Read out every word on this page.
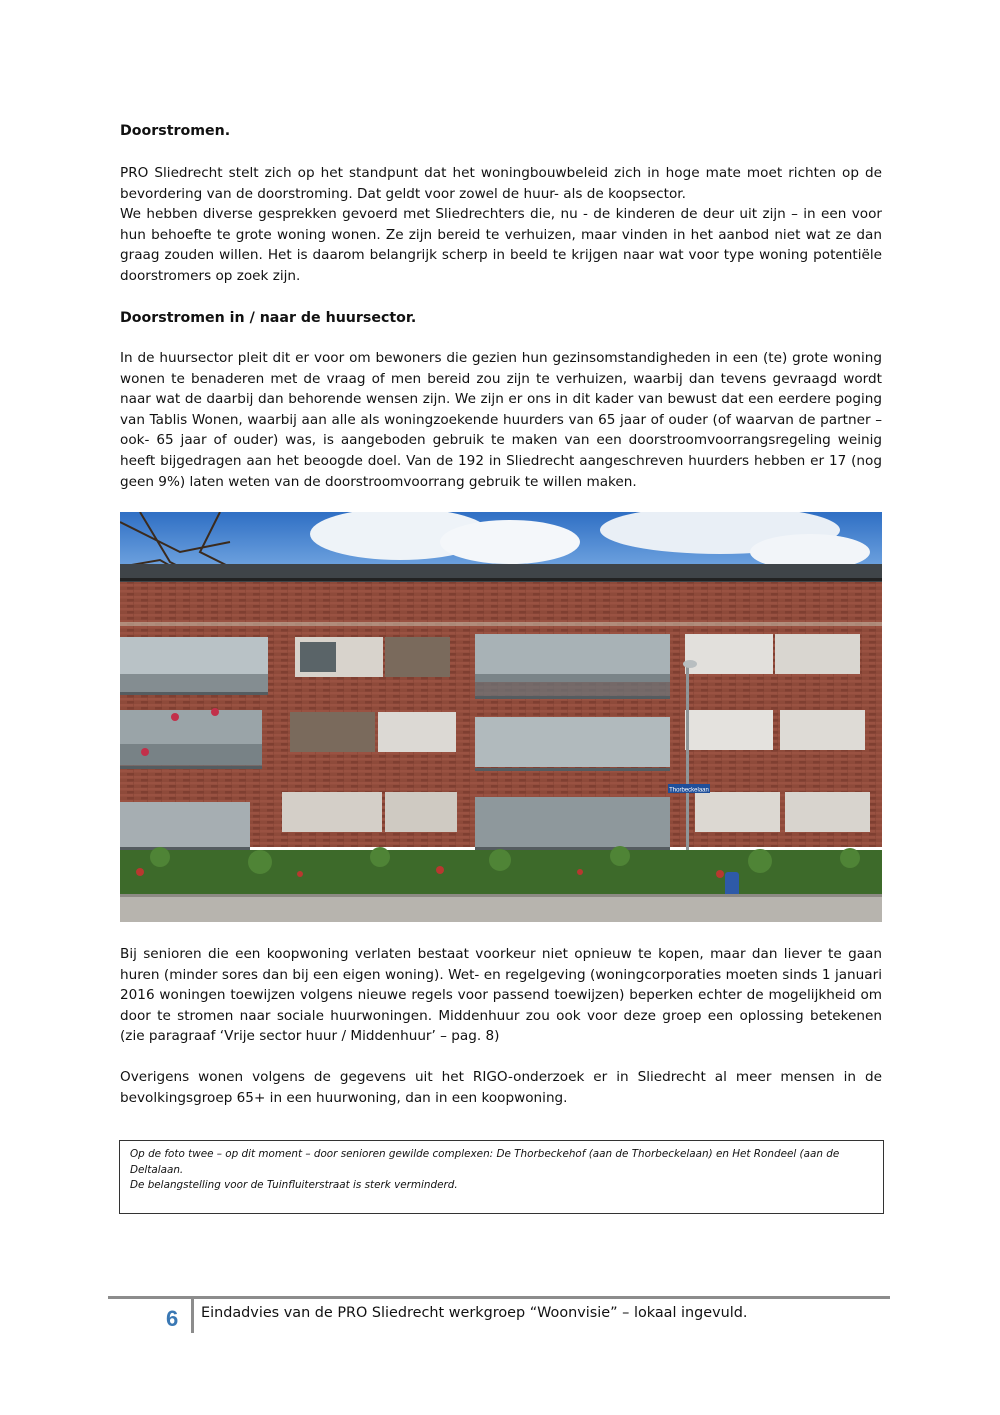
Doorstromen.

PRO Sliedrecht stelt zich op het standpunt dat het woningbouwbeleid zich in hoge mate moet richten op de bevordering van de doorstroming. Dat geldt voor zowel de huur- als de koopsector.

We hebben diverse gesprekken gevoerd met Sliedrechters die, nu - de kinderen de deur uit zijn – in een voor hun behoefte te grote woning wonen. Ze zijn bereid te verhuizen, maar vinden in het aanbod niet wat ze dan graag zouden willen. Het is daarom belangrijk scherp in beeld te krijgen naar wat voor type woning potentiële doorstromers op zoek zijn.

Doorstromen in / naar de huursector.

In de huursector pleit dit er voor om bewoners die gezien hun gezinsomstandigheden in een (te) grote woning wonen te benaderen met de vraag of men bereid zou zijn te verhuizen, waarbij dan tevens gevraagd wordt naar wat de daarbij dan behorende wensen zijn. We zijn er ons in dit kader van bewust dat een eerdere poging van Tablis Wonen, waarbij aan alle als woningzoekende huurders van 65 jaar of ouder (of waarvan de partner – ook- 65 jaar of ouder) was, is aangeboden gebruik te maken van een doorstroomvoorrangsregeling weinig heeft bijgedragen aan het beoogde doel. Van de 192 in Sliedrecht aangeschreven huurders hebben er 17 (nog geen 9%) laten weten van de doorstroomvoorrang gebruik te willen maken.

Thorbeckelaan

Bij senioren die een koopwoning verlaten bestaat voorkeur niet opnieuw te kopen, maar dan liever te gaan huren (minder sores dan bij een eigen woning). Wet- en regelgeving (woningcorporaties moeten sinds 1 januari 2016 woningen toewijzen volgens nieuwe regels voor passend toewijzen) beperken echter de mogelijkheid om door te stromen naar sociale huurwoningen. Middenhuur zou ook voor deze groep een oplossing betekenen (zie paragraaf ‘Vrije sector huur / Middenhuur’ – pag. 8)

Overigens wonen volgens de gegevens uit het RIGO-onderzoek er in Sliedrecht al meer mensen in de bevolkingsgroep 65+ in een huurwoning, dan in een koopwoning.

Op de foto twee – op dit moment – door senioren gewilde complexen: De Thorbeckehof (aan de Thorbeckelaan) en Het Rondeel (aan de Deltalaan.
De belangstelling voor de Tuinfluiterstraat is sterk verminderd.
6 Eindadvies van de PRO Sliedrecht werkgroep “Woonvisie” – lokaal ingevuld.
